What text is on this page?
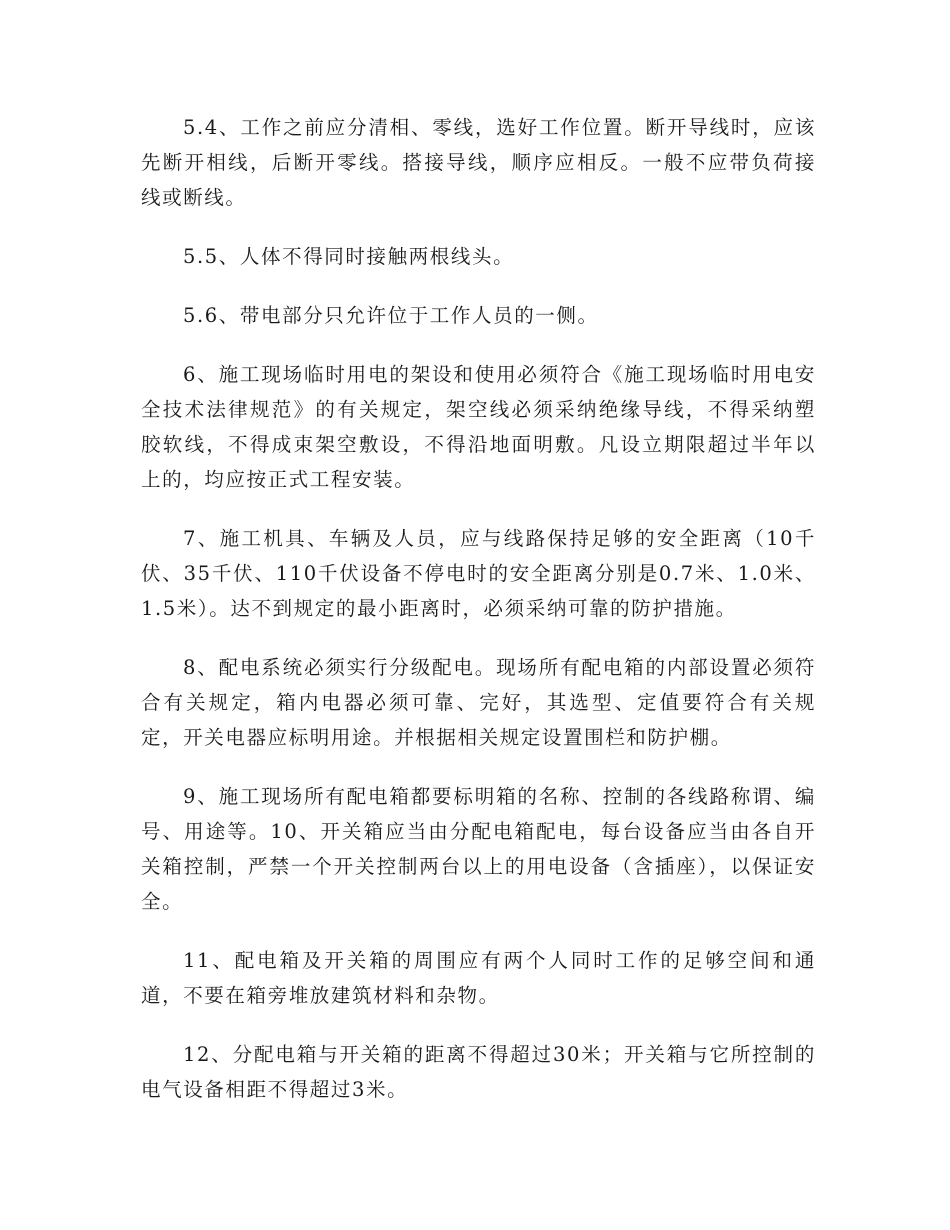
5.4、工作之前应分清相、零线，选好工作位置。断开导线时，应该先断开相线，后断开零线。搭接导线，顺序应相反。一般不应带负荷接线或断线。

5.5、人体不得同时接触两根线头。

5.6、带电部分只允许位于工作人员的一侧。

6、施工现场临时用电的架设和使用必须符合《施工现场临时用电安全技术法律规范》的有关规定，架空线必须采纳绝缘导线，不得采纳塑胶软线，不得成束架空敷设，不得沿地面明敷。凡设立期限超过半年以上的，均应按正式工程安装。

7、施工机具、车辆及人员，应与线路保持足够的安全距离（10千伏、35千伏、110千伏设备不停电时的安全距离分别是0.7米、1.0米、1.5米）。达不到规定的最小距离时，必须采纳可靠的防护措施。

8、配电系统必须实行分级配电。现场所有配电箱的内部设置必须符合有关规定，箱内电器必须可靠、完好，其选型、定值要符合有关规定，开关电器应标明用途。并根据相关规定设置围栏和防护棚。

9、施工现场所有配电箱都要标明箱的名称、控制的各线路称谓、编号、用途等。10、开关箱应当由分配电箱配电，每台设备应当由各自开关箱控制，严禁一个开关控制两台以上的用电设备（含插座），以保证安全。

11、配电箱及开关箱的周围应有两个人同时工作的足够空间和通道，不要在箱旁堆放建筑材料和杂物。

12、分配电箱与开关箱的距离不得超过30米；开关箱与它所控制的电气设备相距不得超过3米。
